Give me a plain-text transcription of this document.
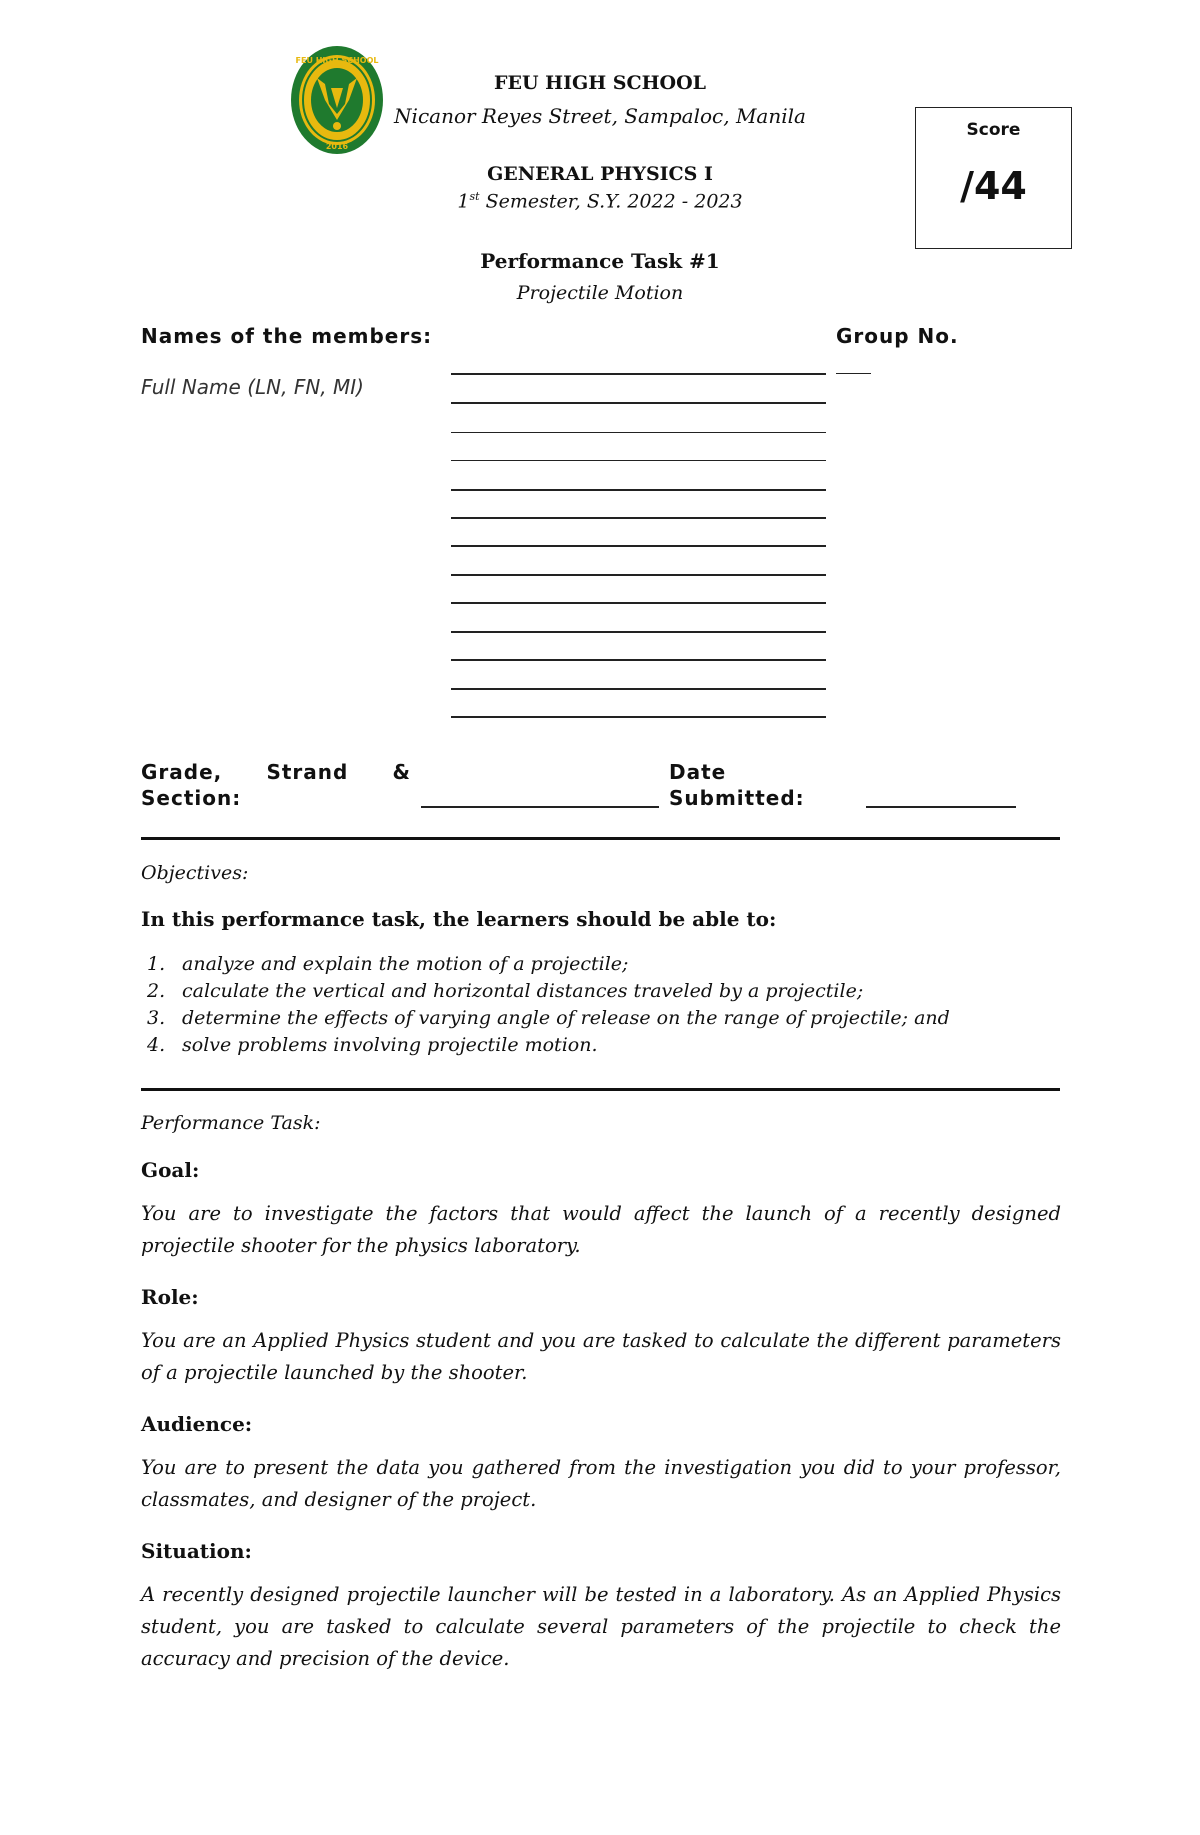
FEU HIGH SCHOOL
2016
FEU HIGH SCHOOL
Nicanor Reyes Street, Sampaloc, Manila
GENERAL PHYSICS I
1st Semester, S.Y. 2022 - 2023
Performance Task #1
Projectile Motion
Score
/44
Names of the members:
Full Name (LN, FN, MI)
Group No.
Grade, Strand &
Section:
Date
Submitted:
Objectives:
In this performance task, the learners should be able to:
1. analyze and explain the motion of a projectile;
2. calculate the vertical and horizontal distances traveled by a projectile;
3. determine the effects of varying angle of release on the range of projectile; and
4. solve problems involving projectile motion.
Performance Task:
Goal:
You are to investigate the factors that would affect the launch of a recently designed projectile shooter for the physics laboratory.
Role:
You are an Applied Physics student and you are tasked to calculate the different parameters of a projectile launched by the shooter.
Audience:
You are to present the data you gathered from the investigation you did to your professor, classmates, and designer of the project.
Situation:
A recently designed projectile launcher will be tested in a laboratory. As an Applied Physics student, you are tasked to calculate several parameters of the projectile to check the accuracy and precision of the device.
